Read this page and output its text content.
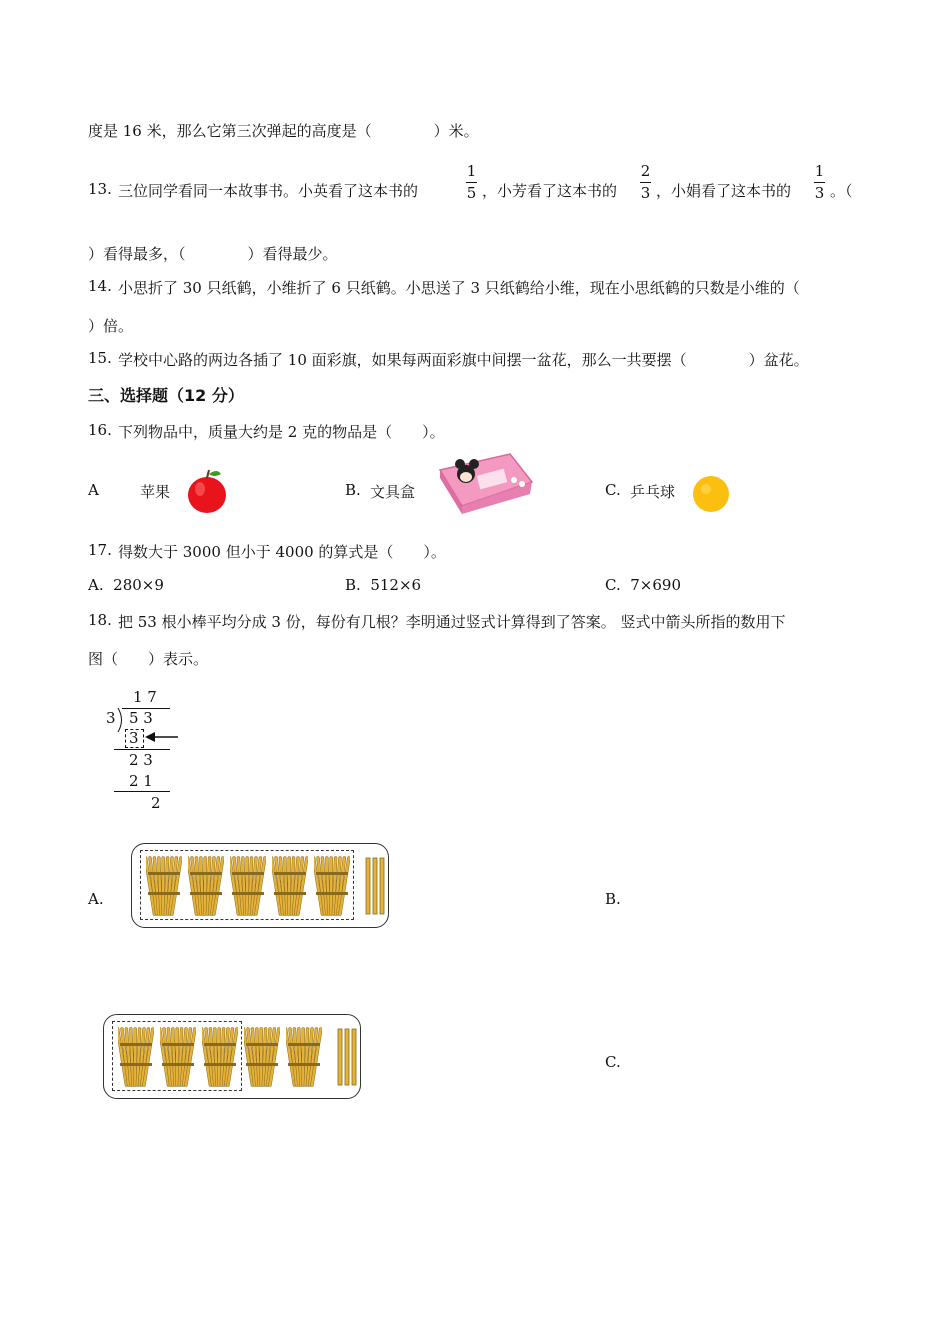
度是 16 米，那么它第三次弹起的高度是（	）米。
13. 三位同学看同一本故事书。小英看了这本书的
1
5 ，小芳看了这本书的
2
3 ，小娟看了这本书的
1
3 。（
）看得最多，（	）看得最少。
14. 小思折了 30 只纸鹤，小维折了 6 只纸鹤。小思送了 3 只纸鹤给小维，现在小思纸鹤的只数是小维的（
）倍。
15. 学校中心路的两边各插了 10 面彩旗，如果每两面彩旗中间摆一盆花，那么一共要摆（	）盆花。
三、选择题（12 分）
16. 下列物品中，质量大约是 2 克的物品是（　　）。
A	苹果	B. 文具盒	C. 乒乓球
17. 得数大于 3000 但小于 4000 的算式是（　　）。
A. 280×9	B. 512×6	C. 7×690
18. 把 53 根小棒平均分成 3 份，每份有几根？李明通过竖式计算得到了答案。 竖式中箭头所指的数用下
图（　　）表示。
1 7
3 5 3
3
2 3
2 1
2
A.	B.
C.
